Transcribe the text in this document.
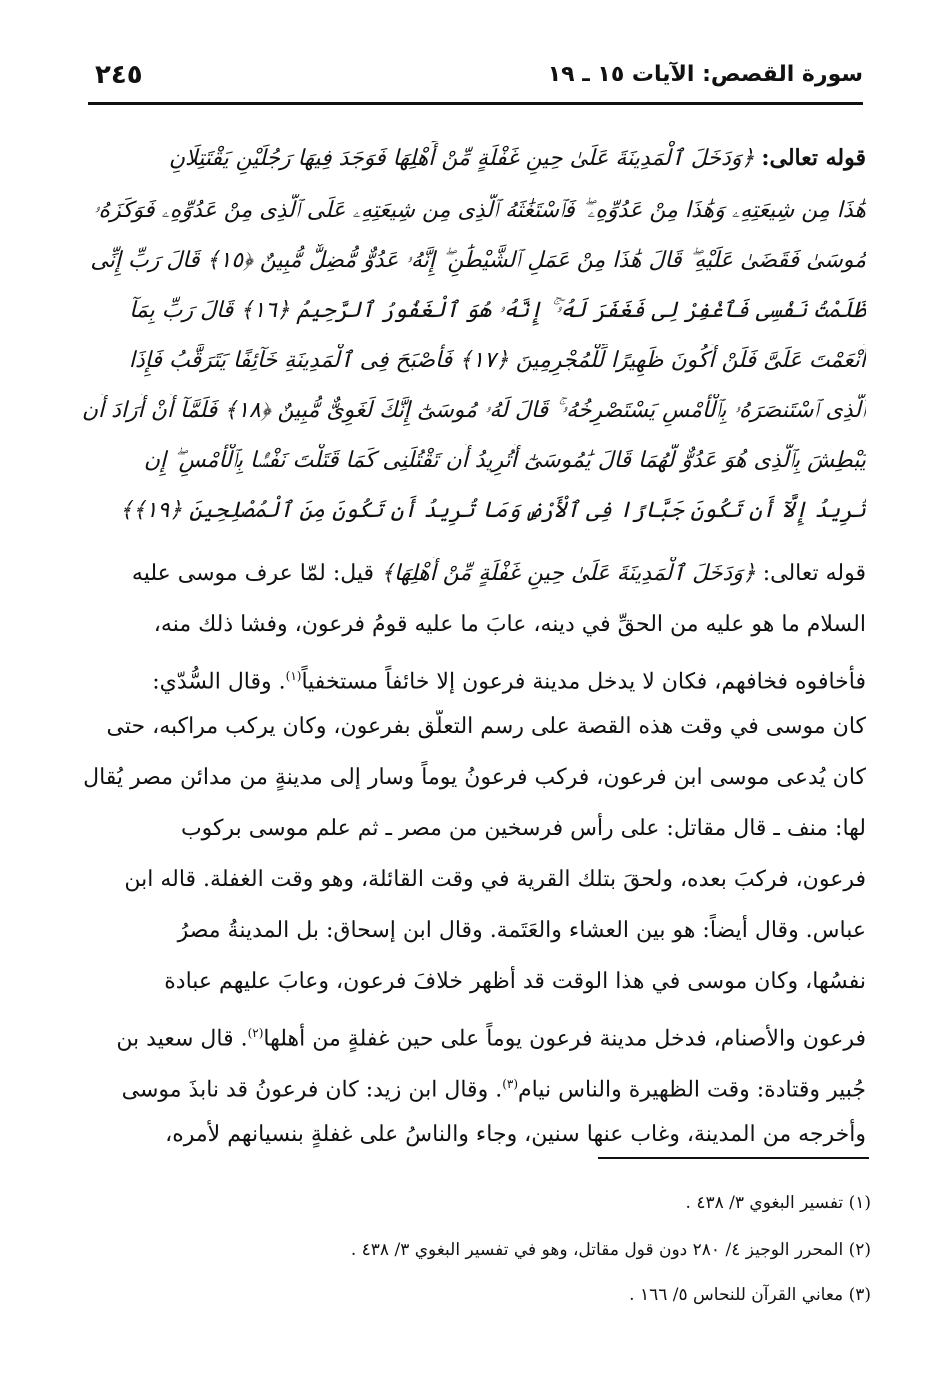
سورة القصص: الآيات ١٥ ـ ١٩
٢٤٥
قوله تعالى: ﴿وَدَخَلَ ٱلْمَدِينَةَ عَلَىٰ حِينِ غَفْلَةٍ مِّنْ أَهْلِهَا فَوَجَدَ فِيهَا رَجُلَيْنِ يَقْتَتِلَانِ
هَٰذَا مِن شِيعَتِهِۦ وَهَٰذَا مِنْ عَدُوِّهِۦ ۖ فَٱسْتَغَٰثَهُ ٱلَّذِى مِن شِيعَتِهِۦ عَلَى ٱلَّذِى مِنْ عَدُوِّهِۦ فَوَكَزَهُۥ
مُوسَىٰ فَقَضَىٰ عَلَيْهِ ۖ قَالَ هَٰذَا مِنْ عَمَلِ ٱلشَّيْطَٰنِ ۖ إِنَّهُۥ عَدُوٌّ مُّضِلٌّ مُّبِينٌ ﴿١٥﴾ قَالَ رَبِّ إِنِّى
ظَلَمْتُ نَفْسِى فَٱغْفِرْ لِى فَغَفَرَ لَهُۥٓ ۚ إِنَّهُۥ هُوَ ٱلْغَفُورُ ٱلرَّحِيمُ ﴿١٦﴾ قَالَ رَبِّ بِمَآ
أَنْعَمْتَ عَلَىَّ فَلَنْ أَكُونَ ظَهِيرًا لِّلْمُجْرِمِينَ ﴿١٧﴾ فَأَصْبَحَ فِى ٱلْمَدِينَةِ خَآئِفًا يَتَرَقَّبُ فَإِذَا
ٱلَّذِى ٱسْتَنصَرَهُۥ بِٱلْأَمْسِ يَسْتَصْرِخُهُۥ ۚ قَالَ لَهُۥ مُوسَىٰٓ إِنَّكَ لَغَوِىٌّ مُّبِينٌ ﴿١٨﴾ فَلَمَّآ أَنْ أَرَادَ أَن
يَبْطِشَ بِٱلَّذِى هُوَ عَدُوٌّ لَّهُمَا قَالَ يَٰمُوسَىٰٓ أَتُرِيدُ أَن تَقْتُلَنِى كَمَا قَتَلْتَ نَفْسًۢا بِٱلْأَمْسِ ۖ إِن
تُرِيدُ إِلَّآ أَن تَكُونَ جَبَّارًا فِى ٱلْأَرْضِ وَمَا تُرِيدُ أَن تَكُونَ مِنَ ٱلْمُصْلِحِينَ ﴿١٩﴾﴾
قوله تعالى: ﴿وَدَخَلَ ٱلْمَدِينَةَ عَلَىٰ حِينِ غَفْلَةٍ مِّنْ أَهْلِهَا﴾ قيل: لمّا عرف موسى عليه
السلام ما هو عليه من الحقِّ في دينه، عابَ ما عليه قومُ فرعون، وفشا ذلك منه،
فأخافوه فخافهم، فكان لا يدخل مدينة فرعون إلا خائفاً مستخفياً$^{(١)}$. وقال السُّدّي:
كان موسى في وقت هذه القصة على رسم التعلُّق بفرعون، وكان يركب مراكبه، حتى
كان يُدعى موسى ابن فرعون، فركب فرعونُ يوماً وسار إلى مدينةٍ من مدائن مصر يُقال
لها: منف ـ قال مقاتل: على رأس فرسخين من مصر ـ ثم علم موسى بركوب
فرعون، فركبَ بعده، ولحقَ بتلك القرية في وقت القائلة، وهو وقت الغفلة. قاله ابن
عباس. وقال أيضاً: هو بين العشاء والعَتَمة. وقال ابن إسحاق: بل المدينةُ مصرُ
نفسُها، وكان موسى في هذا الوقت قد أظهر خلافَ فرعون، وعابَ عليهم عبادة
فرعون والأصنام، فدخل مدينة فرعون يوماً على حين غفلةٍ من أهلها$^{(٢)}$. قال سعيد بن
جُبير وقتادة: وقت الظهيرة والناس نيام$^{(٣)}$. وقال ابن زيد: كان فرعونُ قد نابذَ موسى
وأخرجه من المدينة، وغاب عنها سنين، وجاء والناسُ على غفلةٍ بنسيانهم لأمره،
(١) تفسير البغوي ٣/ ٤٣٨ .
(٢) المحرر الوجيز ٤/ ٢٨٠ دون قول مقاتل، وهو في تفسير البغوي ٣/ ٤٣٨ .
(٣) معاني القرآن للنحاس ٥/ ١٦٦ .
